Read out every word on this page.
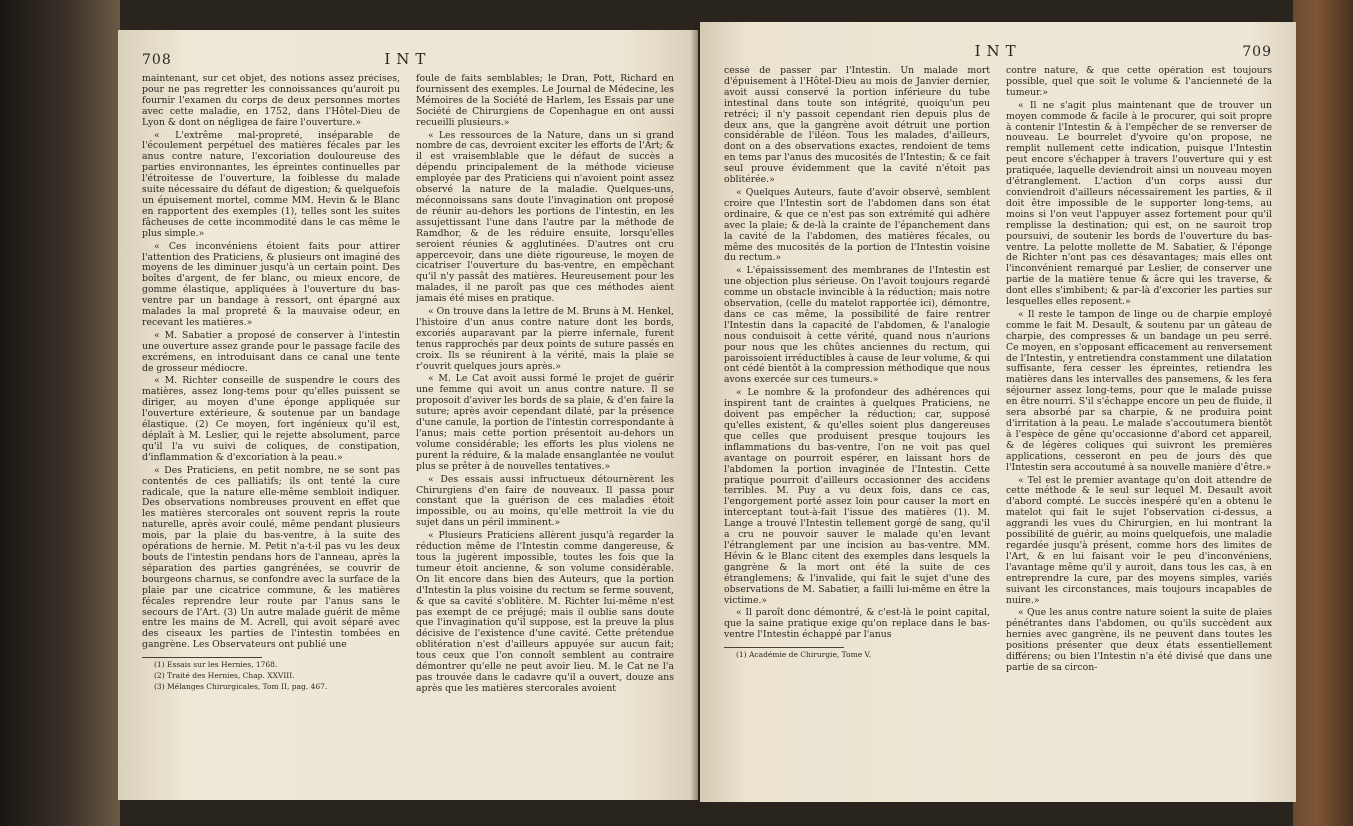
708	INT

maintenant, sur cet objet, des notions assez précises, pour ne pas regretter les connoissances qu'auroit pu fournir l'examen du corps de deux personnes mortes avec cette maladie, en 1752, dans l'Hôtel-Dieu de Lyon & dont on négligea de faire l'ouverture.»

« L'extrême mal-propreté, inséparable de l'écoulement perpétuel des matières fécales par les anus contre nature, l'excoriation douloureuse des parties environnantes, les épreintes continuelles par l'étroitesse de l'ouverture, la foiblesse du malade suite nécessaire du défaut de digestion; & quelquefois un épuisement mortel, comme MM. Hevin & le Blanc en rapportent des exemples (1), telles sont les suites fâcheuses de cette incommodité dans le cas même le plus simple.»

« Ces inconvéniens étoient faits pour attirer l'attention des Praticiens, & plusieurs ont imaginé des moyens de les diminuer jusqu'à un certain point. Des boîtes d'argent, de fer blanc, ou mieux encore, de gomme élastique, appliquées à l'ouverture du bas-ventre par un bandage à ressort, ont épargné aux malades la mal propreté & la mauvaise odeur, en recevant les matières.»

« M. Sabatier a proposé de conserver à l'intestin une ouverture assez grande pour le passage facile des excrémens, en introduisant dans ce canal une tente de grosseur médiocre.

« M. Richter conseille de suspendre le cours des matières, assez long-tems pour qu'elles puissent se diriger, au moyen d'une éponge appliquée sur l'ouverture extérieure, & soutenue par un bandage élastique. (2) Ce moyen, fort ingénieux qu'il est, déplaît à M. Leslier, qui le rejette absolument, parce qu'il l'a vu suivi de coliques, de constipation, d'inflammation & d'excoriation à la peau.»

« Des Praticiens, en petit nombre, ne se sont pas contentés de ces palliatifs; ils ont tenté la cure radicale, que la nature elle-même sembloit indiquer. Des observations nombreuses prouvent en effet que les matières stercorales ont souvent repris la route naturelle, après avoir coulé, même pendant plusieurs mois, par la plaie du bas-ventre, à la suite des opérations de hernie. M. Petit n'a-t-il pas vu les deux bouts de l'intestin pendans hors de l'anneau, après la séparation des parties gangrénées, se couvrir de bourgeons charnus, se confondre avec la surface de la plaie par une cicatrice commune, & les matières fécales reprendre leur route par l'anus sans le secours de l'Art. (3) Un autre malade guérit de même entre les mains de M. Acrell, qui avoit séparé avec des ciseaux les parties de l'intestin tombées en gangrène. Les Observateurs ont publié une

(1) Essais sur les Hernies, 1768.

(2) Traité des Hernies, Chap. XXVIII.

(3) Mélanges Chirurgicales, Tom II, pag. 467.

foule de faits semblables; le Dran, Pott, Richard en fournissent des exemples. Le Journal de Médecine, les Mémoires de la Société de Harlem, les Essais par une Société de Chirurgiens de Copenhague en ont aussi recueilli plusieurs.»

« Les ressources de la Nature, dans un si grand nombre de cas, devroient exciter les efforts de l'Art; & il est vraisemblable que le défaut de succès a dépendu principalement de la méthode vicieuse employée par des Praticiens qui n'avoient point assez observé la nature de la maladie. Quelques-uns, méconnoissans sans doute l'invagination ont proposé de réunir au-dehors les portions de l'intestin, en les assujettissant l'une dans l'autre par la méthode de Ramdhor, & de les réduire ensuite, lorsqu'elles seroient réunies & agglutinées. D'autres ont cru appercevoir, dans une diète rigoureuse, le moyen de cicatriser l'ouverture du bas-ventre, en empêchant qu'il n'y passât des matières. Heureusement pour les malades, il ne paroît pas que ces méthodes aient jamais été mises en pratique.

« On trouve dans la lettre de M. Bruns à M. Henkel, l'histoire d'un anus contre nature dont les bords, excoriés auparavant par la pierre infernale, furent tenus rapprochés par deux points de suture passés en croix. Ils se réunirent à la vérité, mais la plaie se r'ouvrit quelques jours après.»

« M. Le Cat avoit aussi formé le projet de guérir une femme qui avoit un anus contre nature. Il se proposoit d'aviver les bords de sa plaie, & d'en faire la suture; après avoir cependant dilaté, par la présence d'une canule, la portion de l'intestin correspondante à l'anus; mais cette portion présentoit au-dehors un volume considérable; les efforts les plus violens ne purent la réduire, & la malade ensanglantée ne voulut plus se prêter à de nouvelles tentatives.»

« Des essais aussi infructueux détournèrent les Chirurgiens d'en faire de nouveaux. Il passa pour constant que la guérison de ces maladies étoit impossible, ou au moins, qu'elle mettroit la vie du sujet dans un péril imminent.»

« Plusieurs Praticiens allèrent jusqu'à regarder la réduction même de l'Intestin comme dangereuse, & tous la jugèrent impossible, toutes les fois que la tumeur étoit ancienne, & son volume considérable. On lit encore dans bien des Auteurs, que la portion d'Intestin la plus voisine du rectum se ferme souvent, & que sa cavité s'oblitère. M. Richter lui-même n'est pas exempt de ce préjugé; mais il oublie sans doute que l'invagination qu'il suppose, est la preuve la plus décisive de l'existence d'une cavité. Cette prétendue oblitération n'est d'ailleurs appuyée sur aucun fait; tous ceux que l'on connoît semblent au contraire démontrer qu'elle ne peut avoir lieu. M. le Cat ne l'a pas trouvée dans le cadavre qu'il a ouvert, douze ans après que les matières stercorales avoient

INT	709

cessé de passer par l'Intestin. Un malade mort d'épuisement à l'Hôtel-Dieu au mois de Janvier dernier, avoit aussi conservé la portion inférieure du tube intestinal dans toute son intégrité, quoiqu'un peu retréci; il n'y passoit cependant rien depuis plus de deux ans, que la gangrène avoit détruit une portion considérable de l'iléon. Tous les malades, d'ailleurs, dont on a des observations exactes, rendoient de tems en tems par l'anus des mucosités de l'Intestin; & ce fait seul prouve évidemment que la cavité n'étoit pas oblitérée.»

« Quelques Auteurs, faute d'avoir observé, semblent croire que l'Intestin sort de l'abdomen dans son état ordinaire, & que ce n'est pas son extrémité qui adhère avec la plaie; & de-là la crainte de l'épanchement dans la cavité de la l'abdomen, des matières fécales, ou même des mucosités de la portion de l'Intestin voisine du rectum.»

« L'épaississement des membranes de l'Intestin est une objection plus sérieuse. On l'avoit toujours regardé comme un obstacle invincible à la réduction; mais notre observation, (celle du matelot rapportée ici), démontre, dans ce cas même, la possibilité de faire rentrer l'Intestin dans la capacité de l'abdomen, & l'analogie nous conduisoit à cette vérité, quand nous n'aurions pour nous que les chûtes anciennes du rectum, qui paroissoient irréductibles à cause de leur volume, & qui ont cédé bientôt à la compression méthodique que nous avons exercée sur ces tumeurs.»

« Le nombre & la profondeur des adhérences qui inspirent tant de craintes à quelques Praticiens, ne doivent pas empêcher la réduction; car, supposé qu'elles existent, & qu'elles soient plus dangereuses que celles que produisent presque toujours les inflammations du bas-ventre, l'on ne voit pas quel avantage on pourroit espérer, en laissant hors de l'abdomen la portion invaginée de l'Intestin. Cette pratique pourroit d'ailleurs occasionner des accidens terribles. M. Puy a vu deux fois, dans ce cas, l'engorgement porté assez loin pour causer la mort en interceptant tout-à-fait l'issue des matières (1). M. Lange a trouvé l'Intestin tellement gorgé de sang, qu'il a cru ne pouvoir sauver le malade qu'en levant l'étranglement par une incision au bas-ventre. MM. Hévin & le Blanc citent des exemples dans lesquels la gangrène & la mort ont été la suite de ces étranglemens; & l'invalide, qui fait le sujet d'une des observations de M. Sabatier, a failli lui-même en être la victime.»

« Il paroît donc démontré, & c'est-là le point capital, que la saine pratique exige qu'on replace dans le bas-ventre l'Intestin échappé par l'anus

(1) Académie de Chirurgie, Tome V.

contre nature, & que cette opération est toujours possible, quel que soit le volume & l'ancienneté de la tumeur.»

« Il ne s'agit plus maintenant que de trouver un moyen commode & facile à le procurer, qui soit propre à contenir l'Intestin & à l'empêcher de se renverser de nouveau. Le bourrelet d'yvoire qu'on propose, ne remplit nullement cette indication, puisque l'Intestin peut encore s'échapper à travers l'ouverture qui y est pratiquée, laquelle deviendroit ainsi un nouveau moyen d'étranglement. L'action d'un corps aussi dur conviendroit d'ailleurs nécessairement les parties, & il doit être impossible de le supporter long-tems, au moins si l'on veut l'appuyer assez fortement pour qu'il remplisse la destination; qui est, on ne sauroit trop poursuivi, de soutenir les bords de l'ouverture du bas-ventre. La pelotte mollette de M. Sabatier, & l'éponge de Richter n'ont pas ces désavantages; mais elles ont l'inconvénient remarqué par Leslier, de conserver une partie de la matière tenue & âcre qui les traverse, & dont elles s'imbibent; & par-là d'excorier les parties sur lesquelles elles reposent.»

« Il reste le tampon de linge ou de charpie employé comme le fait M. Desault, & soutenu par un gâteau de charpie, des compresses & un bandage un peu serré. Ce moyen, en s'opposant efficacement au renversement de l'Intestin, y entretiendra constamment une dilatation suffisante, fera cesser les épreintes, retiendra les matières dans les intervalles des pansemens, & les fera séjourner assez long-tems, pour que le malade puisse en être nourri. S'il s'échappe encore un peu de fluide, il sera absorbé par sa charpie, & ne produira point d'irritation à la peau. Le malade s'accoutumera bientôt à l'espèce de gêne qu'occasionne d'abord cet appareil, & de légères coliques qui suivront les premières applications, cesseront en peu de jours dès que l'Intestin sera accoutumé à sa nouvelle manière d'être.»

« Tel est le premier avantage qu'on doit attendre de cette méthode & le seul sur lequel M. Desault avoit d'abord compté. Le succès inespéré qu'en a obtenu le matelot qui fait le sujet l'observation ci-dessus, a aggrandi les vues du Chirurgien, en lui montrant la possibilité de guérir, au moins quelquefois, une maladie regardée jusqu'à présent, comme hors des limites de l'Art, & en lui faisant voir le peu d'inconvéniens, l'avantage même qu'il y auroit, dans tous les cas, à en entreprendre la cure, par des moyens simples, variés suivant les circonstances, mais toujours incapables de nuire.»

« Que les anus contre nature soient la suite de plaies pénétrantes dans l'abdomen, ou qu'ils succèdent aux hernies avec gangrène, ils ne peuvent dans toutes les positions présenter que deux états essentiellement différens; ou bien l'Intestin n'a été divisé que dans une partie de sa circon-
